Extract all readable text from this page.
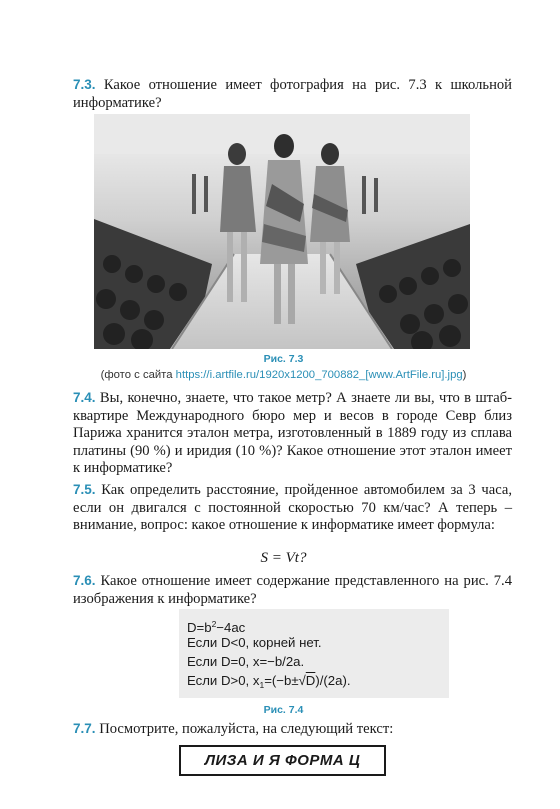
7.3. Какое отношение имеет фотография на рис. 7.3 к школьной информатике?

Рис. 7.3
(фото с сайта https://i.artfile.ru/1920x1200_700882_[www.ArtFile.ru].jpg)

7.4. Вы, конечно, знаете, что такое метр? А знаете ли вы, что в штаб-квартире Международного бюро мер и весов в городе Севр близ Парижа хранится эталон метра, изготовленный в 1889 году из сплава платины (90 %) и иридия (10 %)? Какое отношение этот эталон имеет к информатике?

7.5. Как определить расстояние, пройденное автомобилем за 3 часа, если он двигался с постоянной скоростью 70 км/час? А теперь – внимание, вопрос: какое отношение к информатике имеет формула:

S = Vt?

7.6. Какое отношение имеет содержание представленного на рис. 7.4 изображения к информатике?

$D=b^2-4ac$
Если D<0, корней нет.
Если D=0, x=−b/2a.
Если D>0, $x_1=(-b\pm√D)/(2a)$.
Рис. 7.4

7.7. Посмотрите, пожалуйста, на следующий текст:

ЛИЗА И Я ФОРМА Ц
